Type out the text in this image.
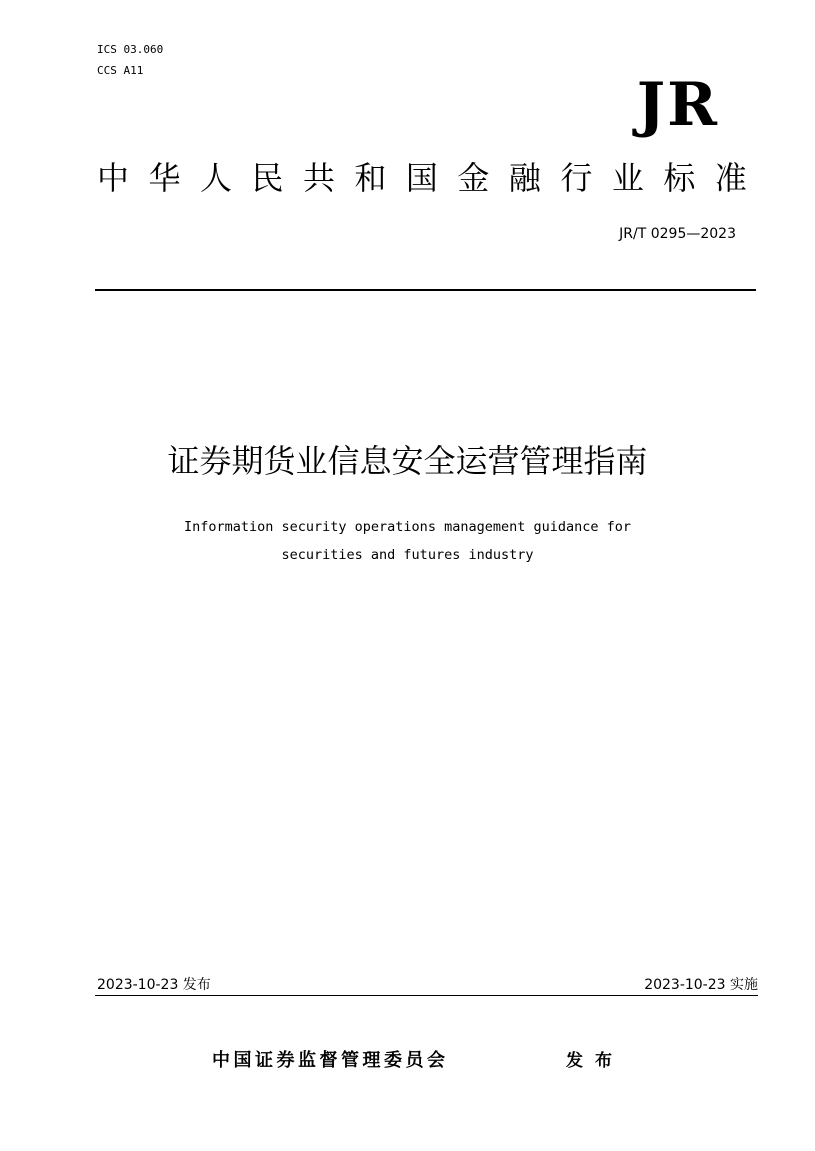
ICS 03.060
CCS A11	JR
中 华 人 民 共 和 国 金 融 行 业 标 准
JR/T 0295—2023
证券期货业信息安全运营管理指南
Information security operations management guidance for
securities and futures industry
2023-10-23 发布	2023-10-23 实施
中国证券监督管理委员会	发布
